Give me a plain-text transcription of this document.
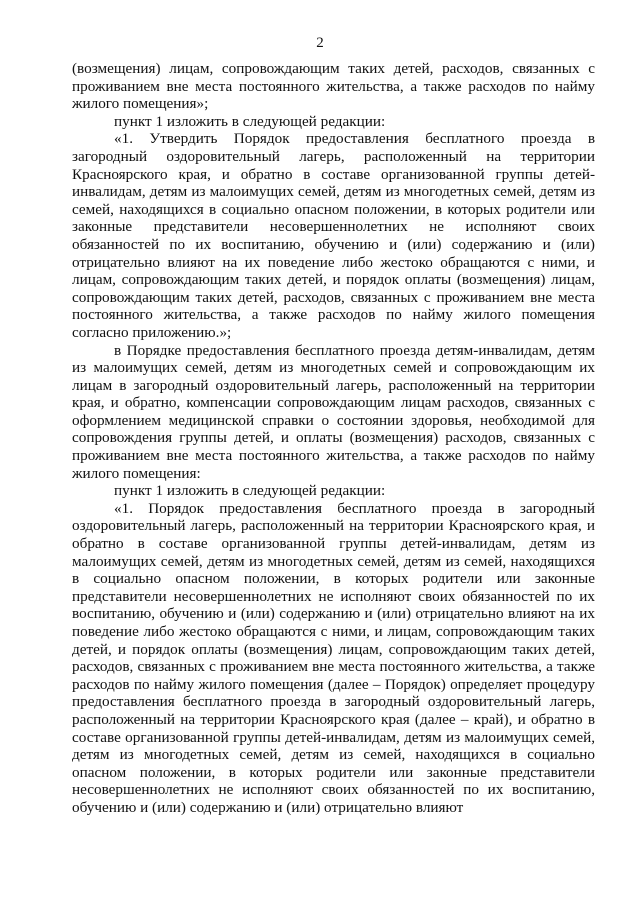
2

(возмещения) лицам, сопровождающим таких детей, расходов, связанных с проживанием вне места постоянного жительства, а также расходов по найму жилого помещения»;

пункт 1 изложить в следующей редакции:

«1. Утвердить Порядок предоставления бесплатного проезда в загородный оздоровительный лагерь, расположенный на территории Красноярского края, и обратно в составе организованной группы детей-инвалидам, детям из малоимущих семей, детям из многодетных семей, детям из семей, находящихся в социально опасном положении, в которых родители или законные представители несовершеннолетних не исполняют своих обязанностей по их воспитанию, обучению и (или) содержанию и (или) отрицательно влияют на их поведение либо жестоко обращаются с ними, и лицам, сопровождающим таких детей, и порядок оплаты (возмещения) лицам, сопровождающим таких детей, расходов, связанных с проживанием вне места постоянного жительства, а также расходов по найму жилого помещения согласно приложению.»;

в Порядке предоставления бесплатного проезда детям-инвалидам, детям из малоимущих семей, детям из многодетных семей и сопровождающим их лицам в загородный оздоровительный лагерь, расположенный на территории края, и обратно, компенсации сопровождающим лицам расходов, связанных с оформлением медицинской справки о состоянии здоровья, необходимой для сопровождения группы детей, и оплаты (возмещения) расходов, связанных с проживанием вне места постоянного жительства, а также расходов по найму жилого помещения:

пункт 1 изложить в следующей редакции:

«1. Порядок предоставления бесплатного проезда в загородный оздоровительный лагерь, расположенный на территории Красноярского края, и обратно в составе организованной группы детей-инвалидам, детям из малоимущих семей, детям из многодетных семей, детям из семей, находящихся в социально опасном положении, в которых родители или законные представители несовершеннолетних не исполняют своих обязанностей по их воспитанию, обучению и (или) содержанию и (или) отрицательно влияют на их поведение либо жестоко обращаются с ними, и лицам, сопровождающим таких детей, и порядок оплаты (возмещения) лицам, сопровождающим таких детей, расходов, связанных с проживанием вне места постоянного жительства, а также расходов по найму жилого помещения (далее – Порядок) определяет процедуру предоставления бесплатного проезда в загородный оздоровительный лагерь, расположенный на территории Красноярского края (далее – край), и обратно в составе организованной группы детей-инвалидам, детям из малоимущих семей, детям из многодетных семей, детям из семей, находящихся в социально опасном положении, в которых родители или законные представители несовершеннолетних не исполняют своих обязанностей по их воспитанию, обучению и (или) содержанию и (или) отрицательно влияют
